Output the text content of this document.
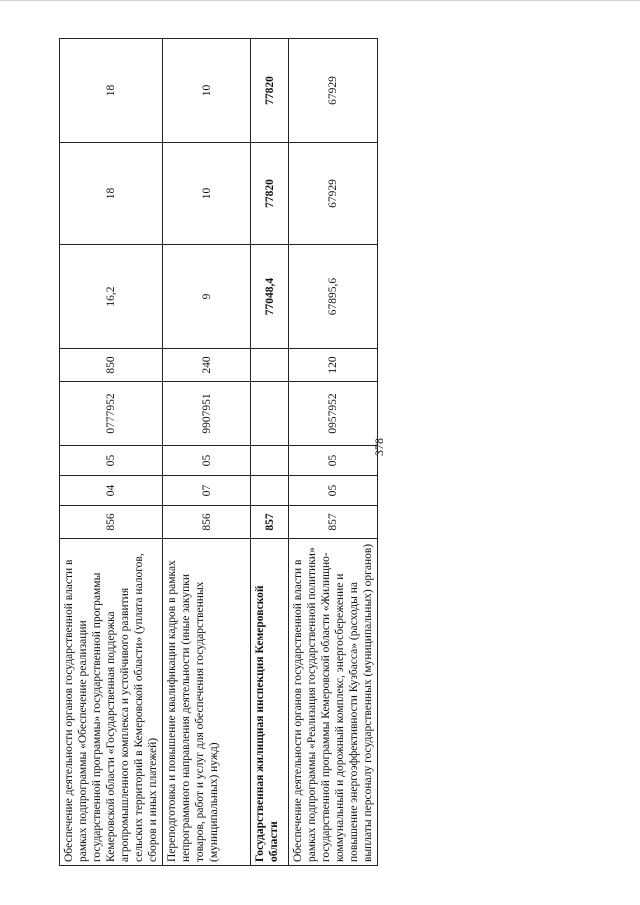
378
Обеспечение деятельности органов государственной власти в рамках подпрограммы «Обеспечение реализации государственной программы» государственной программы Кемеровской области «Государственная поддержка агропромышленного комплекса и устойчивого развития сельских территорий в Кемеровской области» (уплата налогов, сборов и иных платежей)	856	04	05	0777952	850	16,2	18	18
Переподготовка и повышение квалификации кадров в рамках непрограммного направления деятельности (иные закупки товаров, работ и услуг для обеспечения государственных (муниципальных) нужд)	856	07	05	9907951	240	9	10	10
Государственная жилищная инспекция Кемеровской области	857					77048,4	77820	77820
Обеспечение деятельности органов государственной власти в рамках подпрограммы «Реализация государственной политики» государственной программы Кемеровской области «Жилищно-коммунальный и дорожный комплекс, энергосбережение и повышение энергоэффективности Кузбасса» (расходы на выплаты персоналу государственных (муниципальных) органов)	857	05	05	0957952	120	67895,6	67929	67929
